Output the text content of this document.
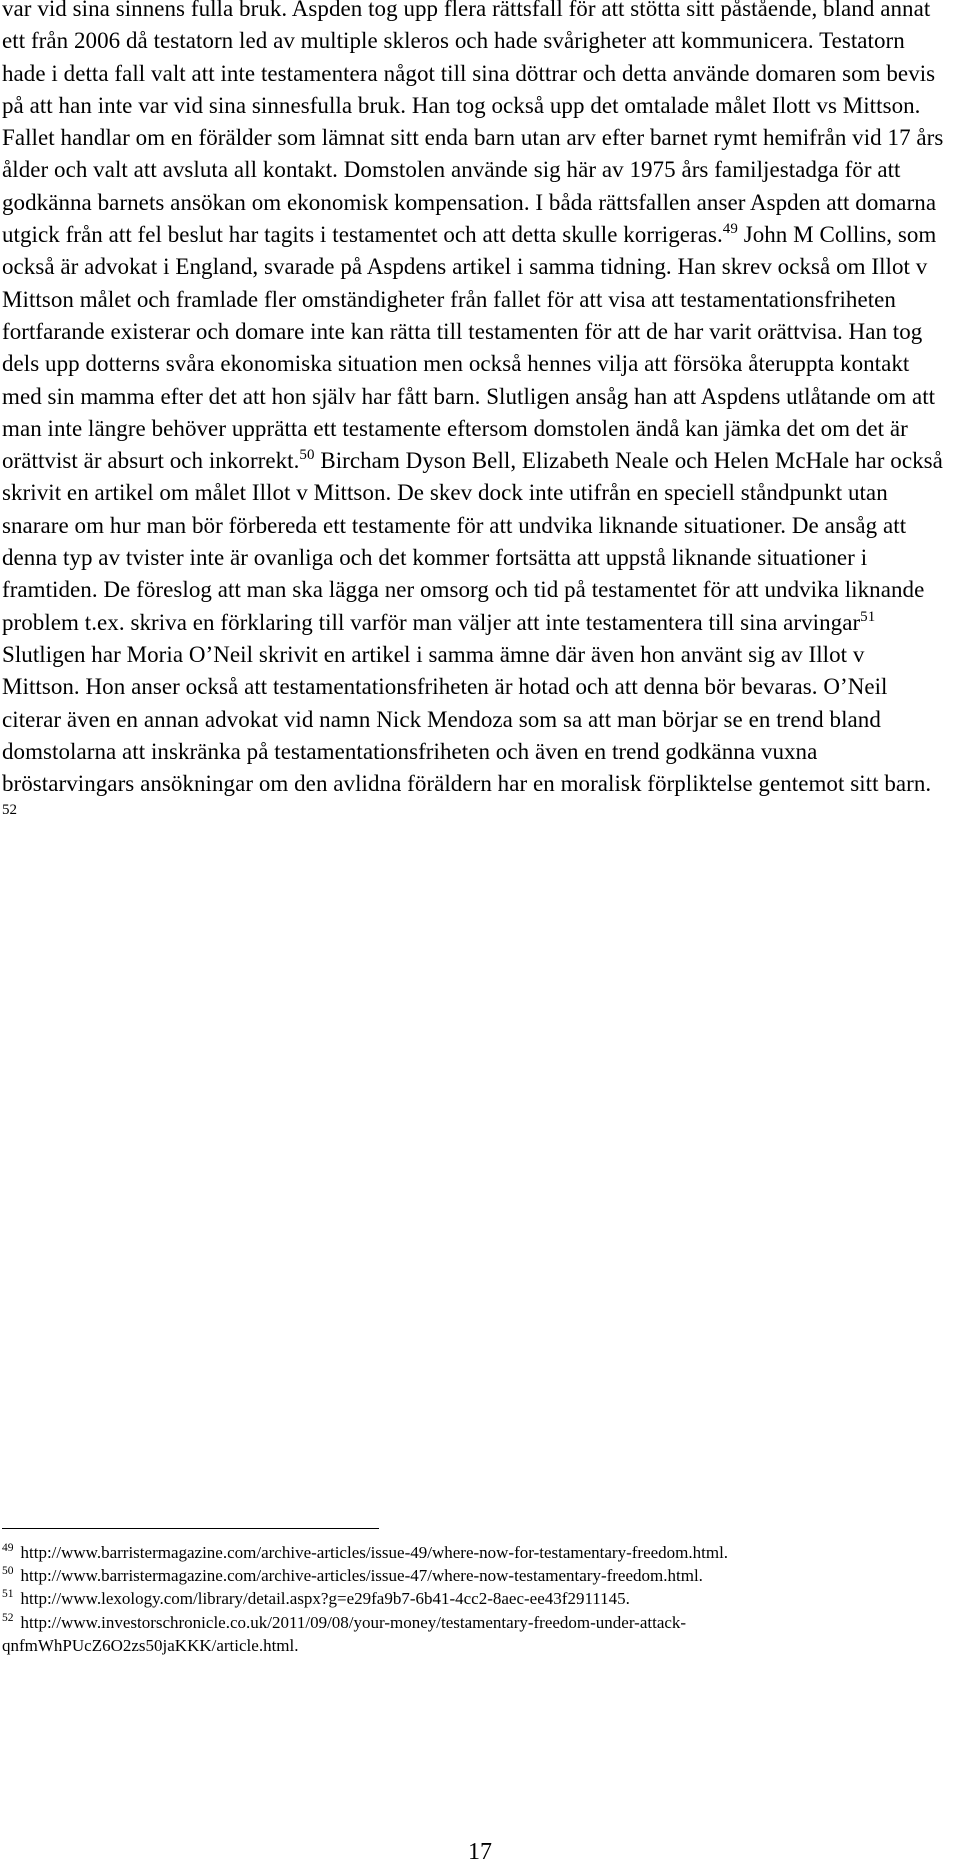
var vid sina sinnens fulla bruk. Aspden tog upp flera rättsfall för att stötta sitt påstående, bland annat ett från 2006 då testatorn led av multiple skleros och hade svårigheter att kommunicera. Testatorn hade i detta fall valt att inte testamentera något till sina döttrar och detta använde domaren som bevis på att han inte var vid sina sinnesfulla bruk. Han tog också upp det omtalade målet Ilott vs Mittson. Fallet handlar om en förälder som lämnat sitt enda barn utan arv efter barnet rymt hemifrån vid 17 års ålder och valt att avsluta all kontakt. Domstolen använde sig här av 1975 års familjestadga för att godkänna barnets ansökan om ekonomisk kompensation. I båda rättsfallen anser Aspden att domarna utgick från att fel beslut har tagits i testamentet och att detta skulle korrigeras.$^{49}$ John M Collins, som också är advokat i England, svarade på Aspdens artikel i samma tidning. Han skrev också om Illot v Mittson målet och framlade fler omständigheter från fallet för att visa att testamentationsfriheten fortfarande existerar och domare inte kan rätta till testamenten för att de har varit orättvisa. Han tog dels upp dotterns svåra ekonomiska situation men också hennes vilja att försöka återuppta kontakt med sin mamma efter det att hon själv har fått barn. Slutligen ansåg han att Aspdens utlåtande om att man inte längre behöver upprätta ett testamente eftersom domstolen ändå kan jämka det om det är orättvist är absurt och inkorrekt.$^{50}$ Bircham Dyson Bell, Elizabeth Neale och Helen McHale har också skrivit en artikel om målet Illot v Mittson. De skev dock inte utifrån en speciell ståndpunkt utan snarare om hur man bör förbereda ett testamente för att undvika liknande situationer. De ansåg att denna typ av tvister inte är ovanliga och det kommer fortsätta att uppstå liknande situationer i framtiden. De föreslog att man ska lägga ner omsorg och tid på testamentet för att undvika liknande problem t.ex. skriva en förklaring till varför man väljer att inte testamentera till sina arvingar$^{51}$ Slutligen har Moria O’Neil skrivit en artikel i samma ämne där även hon använt sig av Illot v Mittson. Hon anser också att testamentationsfriheten är hotad och att denna bör bevaras. O’Neil citerar även en annan advokat vid namn Nick Mendoza som sa att man börjar se en trend bland domstolarna att inskränka på testamentationsfriheten och även en trend godkänna vuxna bröstarvingars ansökningar om den avlidna föräldern har en moralisk förpliktelse gentemot sitt barn. $^{52}$

$^{49}$ http://www.barristermagazine.com/archive-articles/issue-49/where-now-for-testamentary-freedom.html.

$^{50}$ http://www.barristermagazine.com/archive-articles/issue-47/where-now-testamentary-freedom.html.

$^{51}$ http://www.lexology.com/library/detail.aspx?g=e29fa9b7-6b41-4cc2-8aec-ee43f2911145.

$^{52}$ http://www.investorschronicle.co.uk/2011/09/08/your-money/testamentary-freedom-under-attack-qnfmWhPUcZ6O2zs50jaKKK/article.html.

17
